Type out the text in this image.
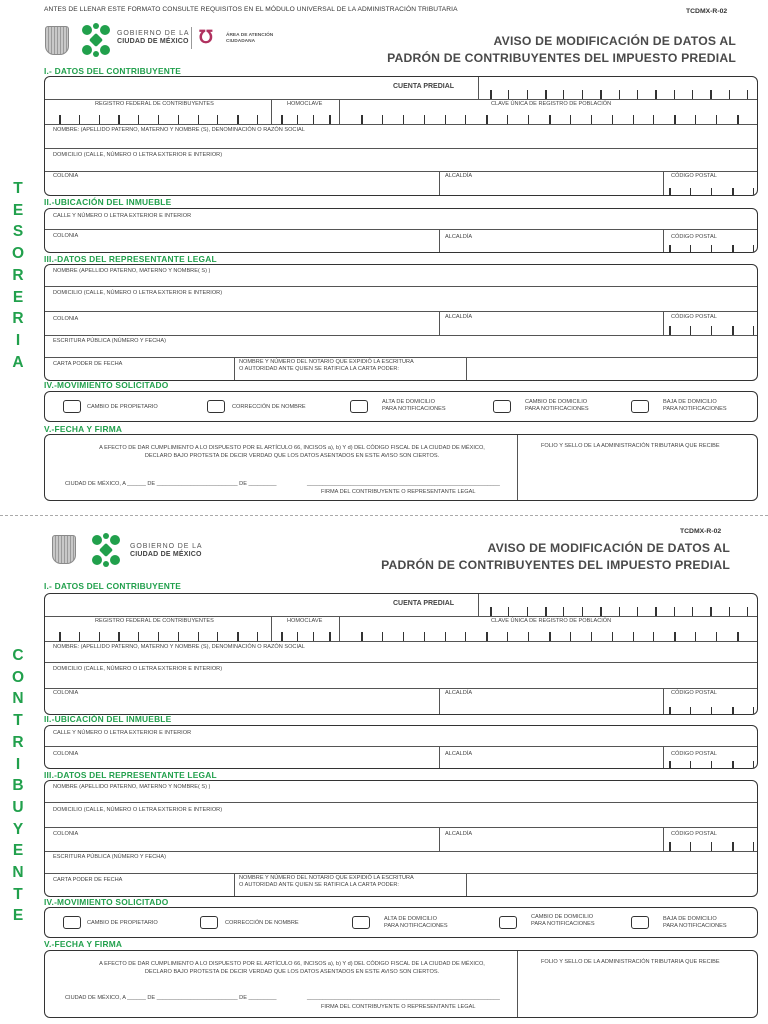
ANTES DE LLENAR ESTE FORMATO CONSULTE REQUISITOS EN EL MÓDULO UNIVERSAL DE LA ADMINISTRACIÓN TRIBUTARIA	TCDMX-R-02
GOBIERNO DE LA
CIUDAD DE MÉXICO ℧	ÁREA DE ATENCIÓN
CIUDADANA	AVISO DE MODIFICACIÓN DE DATOS AL
PADRÓN DE CONTRIBUYENTES DEL IMPUESTO PREDIAL
T
E
S
O
R
E
R
I
A
I.- DATOS DEL CONTRIBUYENTE
CUENTA PREDIAL
REGISTRO FEDERAL DE CONTRIBUYENTES	HOMOCLAVE	CLAVE ÚNICA DE REGISTRO DE POBLACIÓN
NOMBRE: (APELLIDO PATERNO, MATERNO Y NOMBRE (S), DENOMINACIÓN O RAZÓN SOCIAL
DOMICILIO (CALLE, NÚMERO O LETRA EXTERIOR E INTERIOR)
COLONIA	ALCALDÍA	CÓDIGO POSTAL
II.-UBICACIÓN DEL INMUEBLE
CALLE Y NÚMERO O LETRA EXTERIOR E INTERIOR
COLONIA	ALCALDÍA	CÓDIGO POSTAL
III.-DATOS DEL REPRESENTANTE LEGAL
NOMBRE (APELLIDO PATERNO, MATERNO Y NOMBRE( S) )
DOMICILIO (CALLE, NÚMERO O LETRA EXTERIOR E INTERIOR)
COLONIA	ALCALDÍA	CÓDIGO POSTAL
ESCRITURA PÚBLICA (NÚMERO Y FECHA)
CARTA PODER DE FECHA	NOMBRE Y NÚMERO DEL NOTARIO QUE EXPIDIÓ LA ESCRITURA
O AUTORIDAD ANTE QUIEN SE RATIFICA LA CARTA PODER:
IV.-MOVIMIENTO SOLICITADO
CAMBIO DE PROPIETARIO	CORRECCIÓN DE NOMBRE
ALTA DE DOMICILIO
PARA NOTIFICACIONES
CAMBIO DE DOMICILIO
PARA NOTIFICACIONES
BAJA DE DOMICILIO
PARA NOTIFICACIONES
V.-FECHA Y FIRMA
A EFECTO DE DAR CUMPLIMIENTO A LO DISPUESTO POR EL ARTÍCULO 66, INCISOS a), b) Y d) DEL CÓDIGO FISCAL DE LA CIUDAD DE MÉXICO,
DECLARO BAJO PROTESTA DE DECIR VERDAD QUE LOS DATOS ASENTADOS EN ESTE AVISO SON CIERTOS.
CIUDAD DE MÉXICO, A ______ DE __________________________ DE _________	______________________________________________________________
FIRMA DEL CONTRIBUYENTE O REPRESENTANTE LEGAL
FOLIO Y SELLO DE LA ADMINISTRACIÓN TRIBUTARIA QUE RECIBE
TCDMX-R-02
GOBIERNO DE LA
CIUDAD DE MÉXICO	AVISO DE MODIFICACIÓN DE DATOS AL
PADRÓN DE CONTRIBUYENTES DEL IMPUESTO PREDIAL
C
O
N
T
R
I
B
U
Y
E
N
T
E
I.- DATOS DEL CONTRIBUYENTE
CUENTA PREDIAL
REGISTRO FEDERAL DE CONTRIBUYENTES	HOMOCLAVE	CLAVE ÚNICA DE REGISTRO DE POBLACIÓN
NOMBRE: (APELLIDO PATERNO, MATERNO Y NOMBRE (S), DENOMINACIÓN O RAZÓN SOCIAL
DOMICILIO (CALLE, NÚMERO O LETRA EXTERIOR E INTERIOR)
COLONIA	ALCALDÍA	CÓDIGO POSTAL
II.-UBICACIÓN DEL INMUEBLE
CALLE Y NÚMERO O LETRA EXTERIOR E INTERIOR
COLONIA	ALCALDÍA	CÓDIGO POSTAL
III.-DATOS DEL REPRESENTANTE LEGAL
NOMBRE (APELLIDO PATERNO, MATERNO Y NOMBRE( S) )
DOMICILIO (CALLE, NÚMERO O LETRA EXTERIOR E INTERIOR)
COLONIA	ALCALDÍA	CÓDIGO POSTAL
ESCRITURA PÚBLICA (NÚMERO Y FECHA)
CARTA PODER DE FECHA	NOMBRE Y NÚMERO DEL NOTARIO QUE EXPIDIÓ LA ESCRITURA
O AUTORIDAD ANTE QUIEN SE RATIFICA LA CARTA PODER:
IV.-MOVIMIENTO SOLICITADO
CAMBIO DE PROPIETARIO	CORRECCIÓN DE NOMBRE
ALTA DE DOMICILIO
PARA NOTIFICACIONES
CAMBIO DE DOMICILIO
PARA NOTIFICACIONES
BAJA DE DOMICILIO
PARA NOTIFICACIONES
V.-FECHA Y FIRMA
A EFECTO DE DAR CUMPLIMIENTO A LO DISPUESTO POR EL ARTÍCULO 66, INCISOS a), b) Y d) DEL CÓDIGO FISCAL DE LA CIUDAD DE MÉXICO,
DECLARO BAJO PROTESTA DE DECIR VERDAD QUE LOS DATOS ASENTADOS EN ESTE AVISO SON CIERTOS.
CIUDAD DE MÉXICO, A ______ DE __________________________ DE _________	______________________________________________________________
FIRMA DEL CONTRIBUYENTE O REPRESENTANTE LEGAL
FOLIO Y SELLO DE LA ADMINISTRACIÓN TRIBUTARIA QUE RECIBE
